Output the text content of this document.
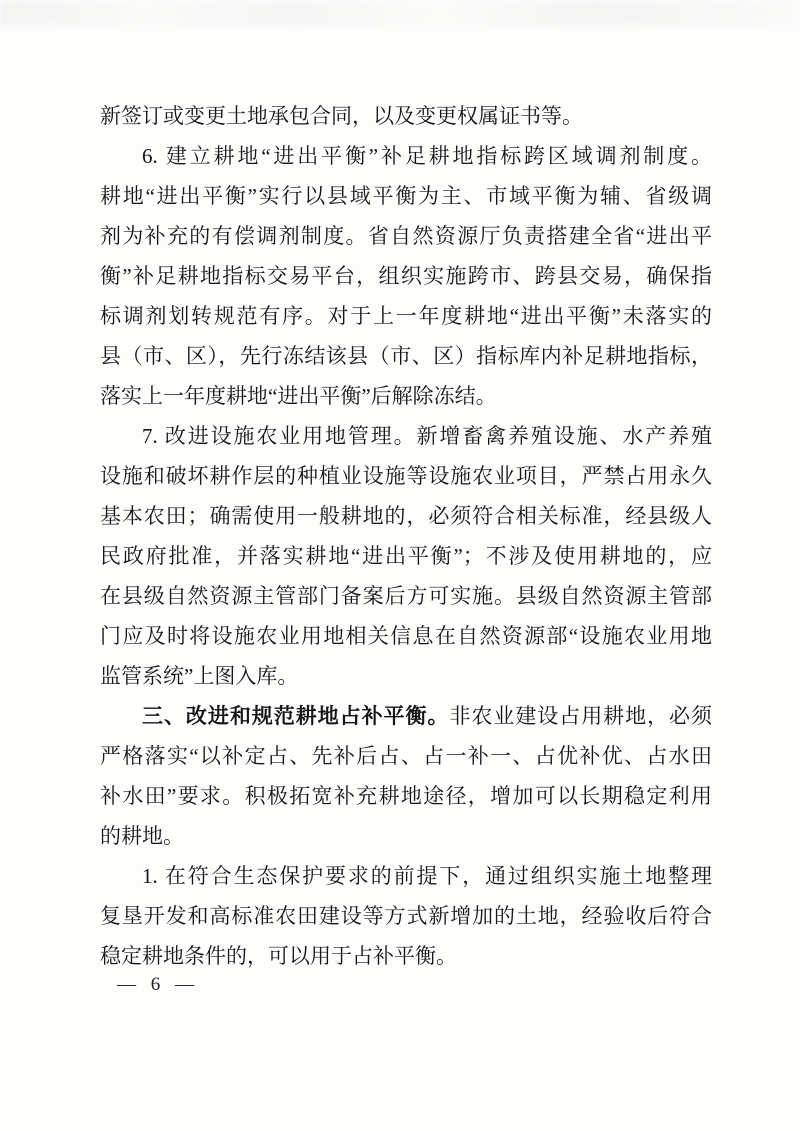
新签订或变更土地承包合同，以及变更权属证书等。
6. 建立耕地“进出平衡”补足耕地指标跨区域调剂制度。
耕地“进出平衡”实行以县域平衡为主、市域平衡为辅、省级调
剂为补充的有偿调剂制度。省自然资源厅负责搭建全省“进出平
衡”补足耕地指标交易平台，组织实施跨市、跨县交易，确保指
标调剂划转规范有序。对于上一年度耕地“进出平衡”未落实的
县（市、区），先行冻结该县（市、区）指标库内补足耕地指标，
落实上一年度耕地“进出平衡”后解除冻结。
7. 改进设施农业用地管理。新增畜禽养殖设施、水产养殖
设施和破坏耕作层的种植业设施等设施农业项目，严禁占用永久
基本农田；确需使用一般耕地的，必须符合相关标准，经县级人
民政府批准，并落实耕地“进出平衡”；不涉及使用耕地的，应
在县级自然资源主管部门备案后方可实施。县级自然资源主管部
门应及时将设施农业用地相关信息在自然资源部“设施农业用地
监管系统”上图入库。
三、改进和规范耕地占补平衡。非农业建设占用耕地，必须
严格落实“以补定占、先补后占、占一补一、占优补优、占水田
补水田”要求。积极拓宽补充耕地途径，增加可以长期稳定利用
的耕地。
1. 在符合生态保护要求的前提下，通过组织实施土地整理
复垦开发和高标准农田建设等方式新增加的土地，经验收后符合
稳定耕地条件的，可以用于占补平衡。
— 6 —
